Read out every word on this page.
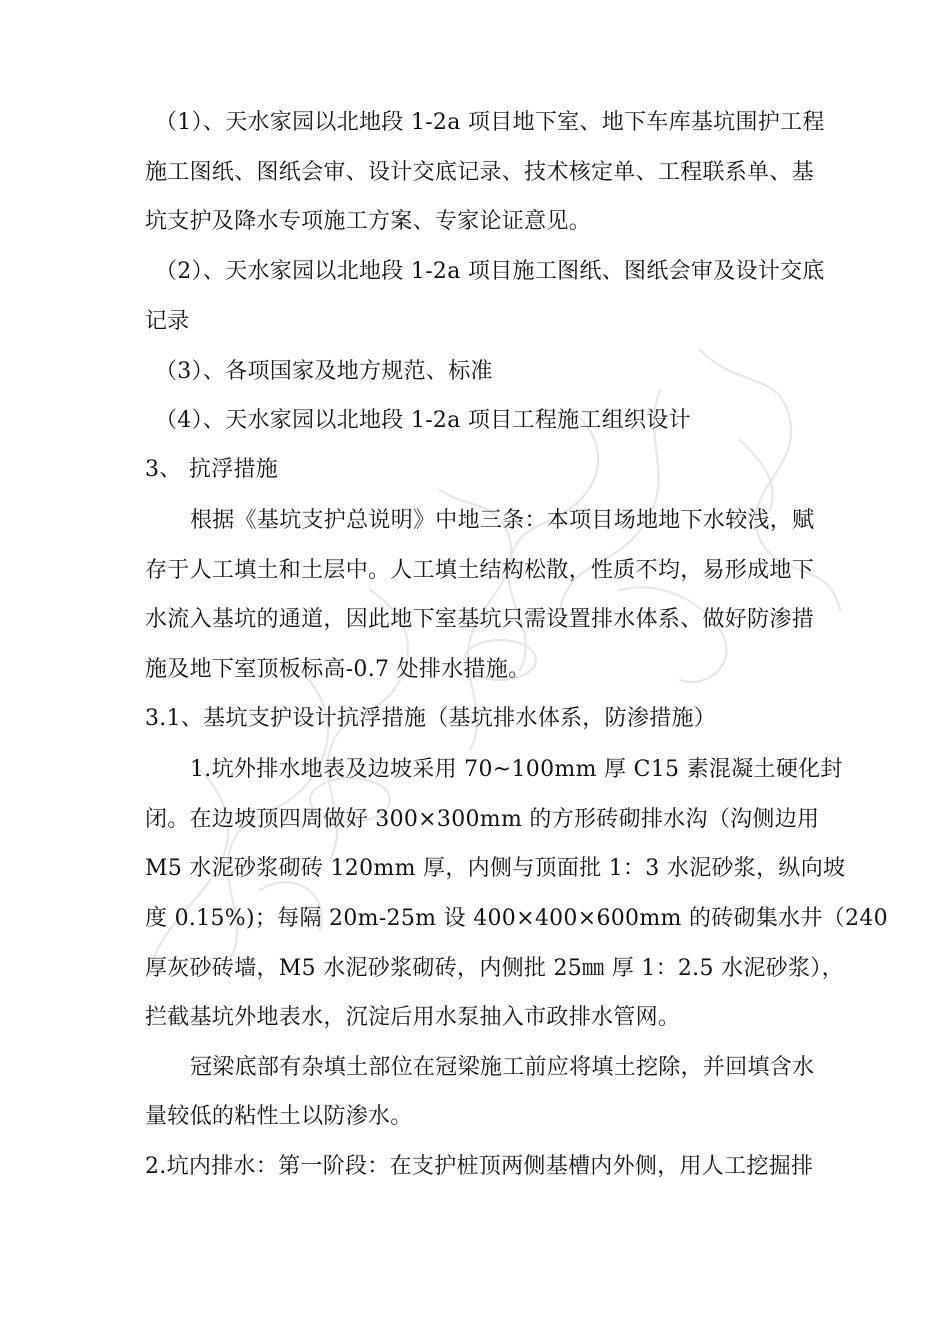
（1）、天水家园以北地段 1-2a 项目地下室、地下车库基坑围护工程
施工图纸、图纸会审、设计交底记录、技术核定单、工程联系单、基
坑支护及降水专项施工方案、专家论证意见。
（2）、天水家园以北地段 1-2a 项目施工图纸、图纸会审及设计交底
记录
（3）、各项国家及地方规范、标准
（4）、天水家园以北地段 1-2a 项目工程施工组织设计
3、 抗浮措施
根据《基坑支护总说明》中地三条：本项目场地地下水较浅，赋
存于人工填土和土层中。人工填土结构松散，性质不均，易形成地下
水流入基坑的通道，因此地下室基坑只需设置排水体系、做好防渗措
施及地下室顶板标高-0.7 处排水措施。
3.1、基坑支护设计抗浮措施（基坑排水体系，防渗措施）
1.坑外排水地表及边坡采用 70~100mm 厚 C15 素混凝土硬化封
闭。在边坡顶四周做好 300×300mm 的方形砖砌排水沟（沟侧边用
M5 水泥砂浆砌砖 120mm 厚，内侧与顶面批 1：3 水泥砂浆，纵向坡
度 0.15%)；每隔 20m-25m 设 400×400×600mm 的砖砌集水井（240
厚灰砂砖墙，M5 水泥砂浆砌砖，内侧批 25㎜ 厚 1：2.5 水泥砂浆），
拦截基坑外地表水，沉淀后用水泵抽入市政排水管网。
冠梁底部有杂填土部位在冠梁施工前应将填土挖除，并回填含水
量较低的粘性土以防渗水。
2.坑内排水：第一阶段：在支护桩顶两侧基槽内外侧，用人工挖掘排
